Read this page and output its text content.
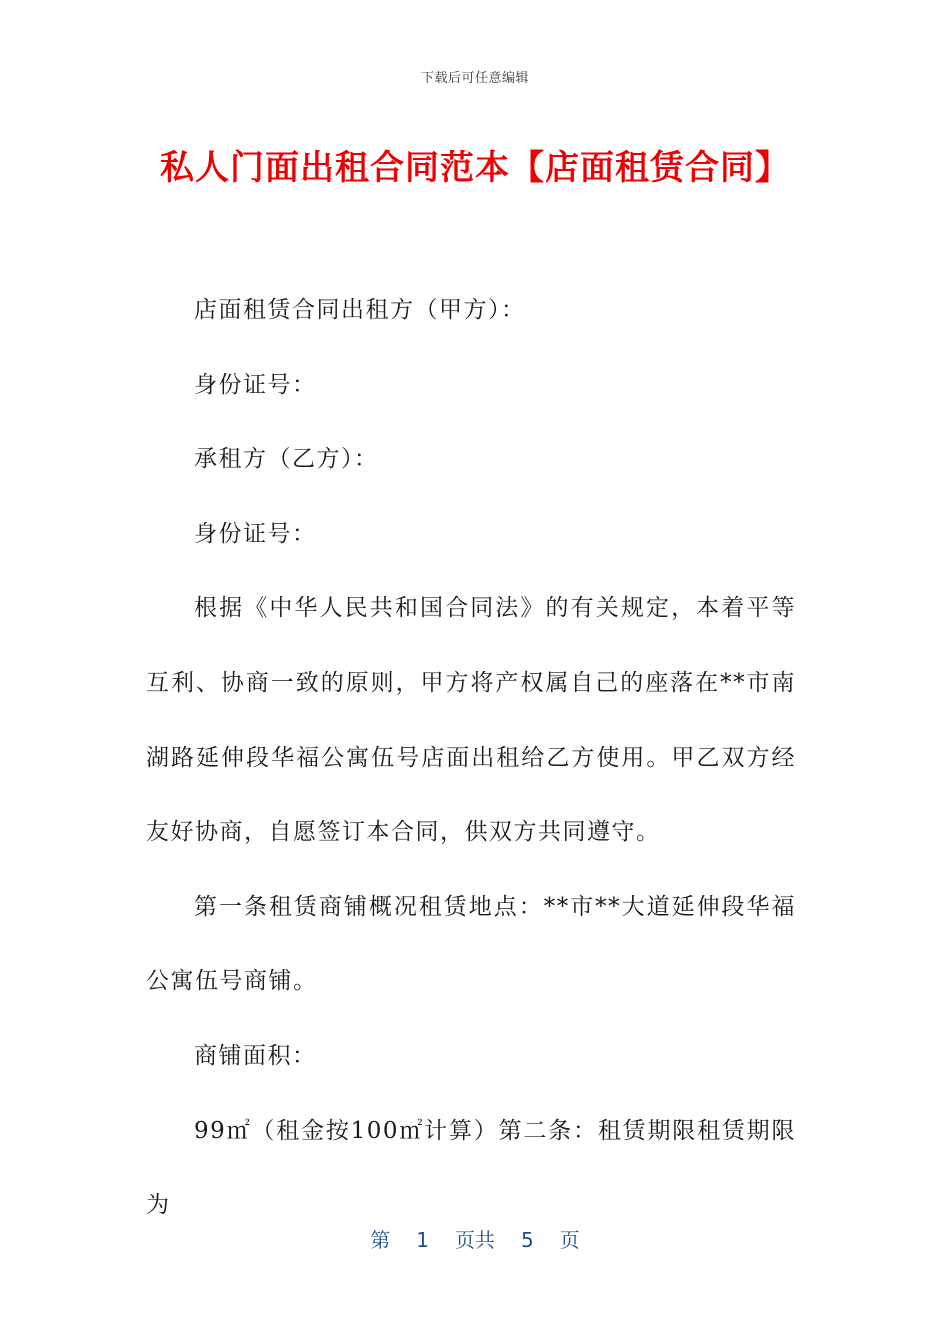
下载后可任意编辑
私人门面出租合同范本【店面租赁合同】

店面租赁合同出租方（甲方）：

身份证号：

承租方（乙方）：

身份证号：

根据《中华人民共和国合同法》的有关规定，本着平等互利、协商一致的原则，甲方将产权属自己的座落在**市南湖路延伸段华福公寓伍号店面出租给乙方使用。甲乙双方经友好协商，自愿签订本合同，供双方共同遵守。

第一条租赁商铺概况租赁地点：**市**大道延伸段华福公寓伍号商铺。

商铺面积：

99㎡（租金按100㎡计算）第二条：租赁期限租赁期限为

第 1 页共 5 页
